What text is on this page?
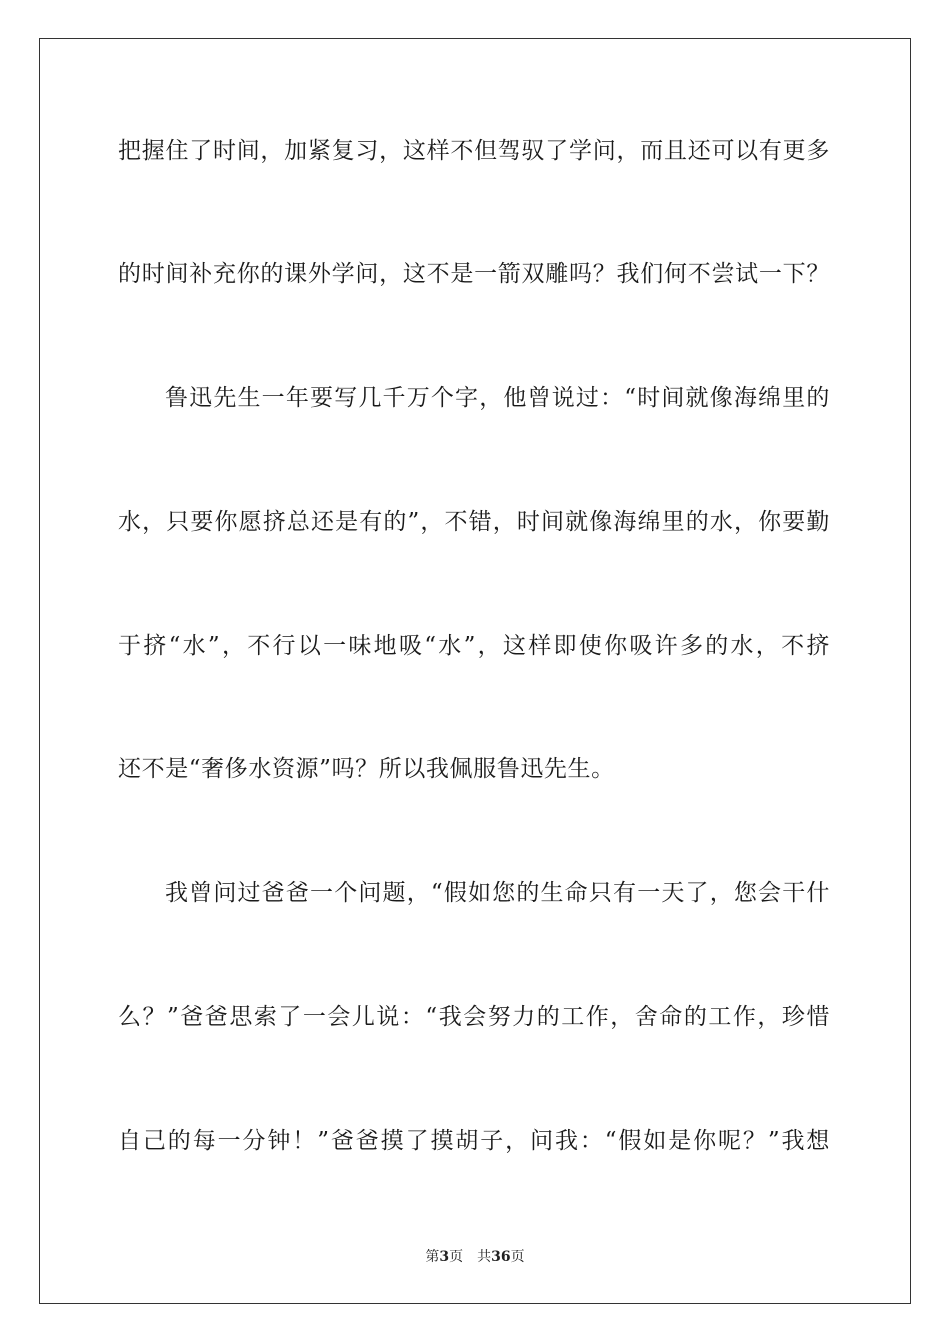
把握住了时间，加紧复习，这样不但驾驭了学问，而且还可以有更多
的时间补充你的课外学问，这不是一箭双雕吗？我们何不尝试一下？
鲁迅先生一年要写几千万个字，他曾说过：“时间就像海绵里的
水，只要你愿挤总还是有的”，不错，时间就像海绵里的水，你要勤
于挤“水”，不行以一味地吸“水”，这样即使你吸许多的水，不挤
还不是“奢侈水资源”吗？所以我佩服鲁迅先生。
我曾问过爸爸一个问题，“假如您的生命只有一天了，您会干什
么？”爸爸思索了一会儿说：“我会努力的工作，舍命的工作，珍惜
自己的每一分钟！”爸爸摸了摸胡子，问我：“假如是你呢？”我想
第3页 共36页
